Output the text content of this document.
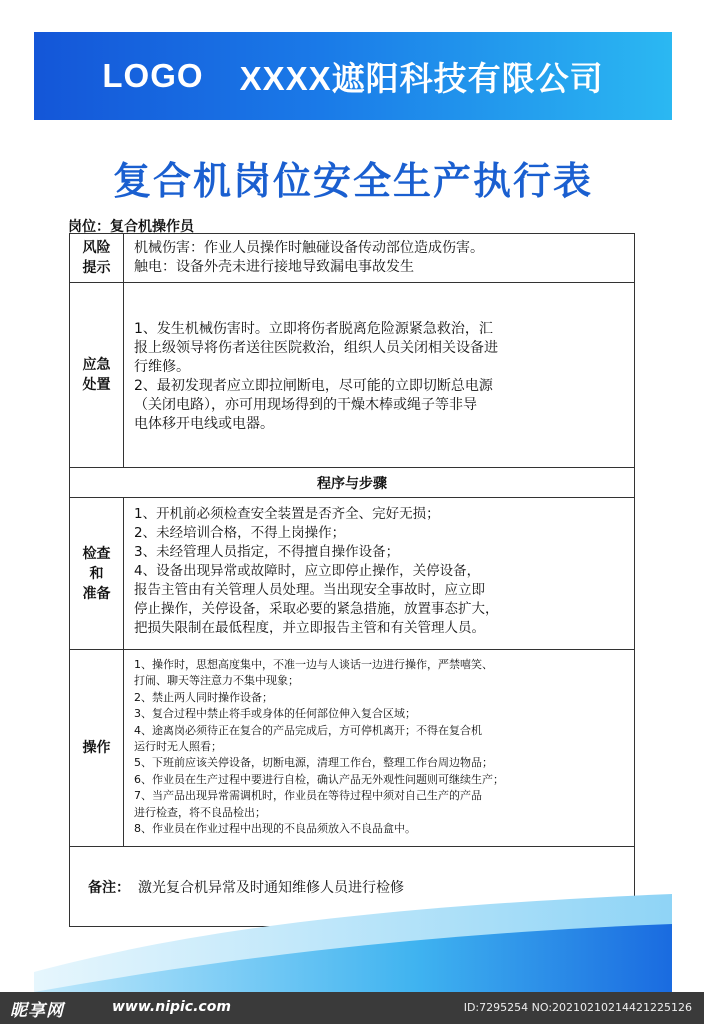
LOGO XXXX遮阳科技有限公司
复合机岗位安全生产执行表
岗位：复合机操作员
风险
提示
机械伤害：作业人员操作时触碰设备传动部位造成伤害。
触电：设备外壳未进行接地导致漏电事故发生
应急
处置
1、发生机械伤害时。立即将伤者脱离危险源紧急救治，汇
报上级领导将伤者送往医院救治，组织人员关闭相关设备进
行维修。
2、最初发现者应立即拉闸断电，尽可能的立即切断总电源
（关闭电路），亦可用现场得到的干燥木棒或绳子等非导
电体移开电线或电器。
程序与步骤
检查
和
准备
1、开机前必须检查安全装置是否齐全、完好无损；
2、未经培训合格，不得上岗操作；
3、未经管理人员指定，不得擅自操作设备；
4、设备出现异常或故障时，应立即停止操作，关停设备，
报告主管由有关管理人员处理。当出现安全事故时，应立即
停止操作，关停设备，采取必要的紧急措施，放置事态扩大，
把损失限制在最低程度，并立即报告主管和有关管理人员。
操作
1、操作时，思想高度集中，不准一边与人谈话一边进行操作，严禁嘻笑、
打闹、聊天等注意力不集中现象；
2、禁止两人同时操作设备；
3、复合过程中禁止将手或身体的任何部位伸入复合区域；
4、途离岗必须待正在复合的产品完成后，方可停机离开；不得在复合机
运行时无人照看；
5、下班前应该关停设备，切断电源，清理工作台，整理工作台周边物品；
6、作业员在生产过程中要进行自检，确认产品无外观性问题则可继续生产；
7、当产品出现异常需调机时，作业员在等待过程中须对自己生产的产品
进行检查，将不良品检出；
8、作业员在作业过程中出现的不良品须放入不良品盒中。
备注： 激光复合机异常及时通知维修人员进行检修
昵享网	www.nipic.com	ID:7295254 NO:20210210214421225126
